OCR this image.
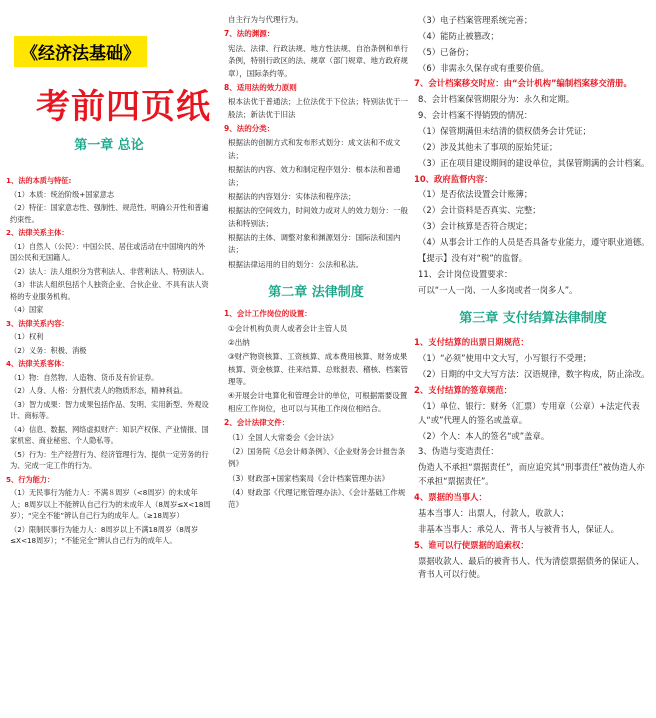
《经济法基础》
考前四页纸
第一章 总论
1、法的本质与特征:
（1）本质：统治阶级+国家意志
（2）特征：国家意志性、强制性、规范性、明确公开性和普遍约束性。
2、法律关系主体：
（1）自然人（公民）：中国公民、居住或活动在中国境内的外国公民和无国籍人。
（2）法人：法人组织分为营利法人、非营利法人、特别法人。
（3）非法人组织包括个人独资企业、合伙企业、不具有法人资格的专业服务机构。
（4）国家
3、法律关系内容：
（1）权利
（2）义务：积极、消极
4、法律关系客体：
（1）物：自然物、人造物、货币及有价证券。
（2）人身、人格：分割代表人的物质形态，精神利益。
（3）智力成果：智力成果包括作品、发明、实用新型、外观设计、商标等。
（4）信息、数据、网络虚拟财产：知识产权保、产业情报、国家机密、商业秘密、个人隐私等。
（5）行为：生产经营行为、经济管理行为、提供一定劳务的行为、完成一定工作的行为。
5、行为能力：
（1）无民事行为能力人：不满８周岁（<8周岁）的未成年人；8周岁以上不能辨认自己行为的未成年人（8周岁≤X<18周岁）；“完全不能”辨认自己行为的成年人。（≥18周岁）
（2）限制民事行为能力人：8周岁以上不满18周岁（8周岁≤X<18周岁）；“不能完全”辨认自己行为的成年人。
自主行为与代理行为。
7、法的渊源：
宪法、法律、行政法规、地方性法规、自治条例和单行条例，特别行政区的法、规章（部门规章、地方政府规章），国际条约等。
8、适用法的效力原则
根本法优于普通法；上位法优于下位法；特别法优于一般法；新法优于旧法
9、法的分类：
根据法的创制方式和发布形式划分：成文法和不成文法；
根据法的内容、效力和制定程序划分：根本法和普通法；
根据法的内容划分：实体法和程序法；
根据法的空间效力，时间效力或对人的效力划分：一般法和特别法；
根据法的主体、调整对象和渊源划分：国际法和国内法；
根据法律运用的目的划分：公法和私法。
第二章 法律制度
1、会计工作岗位的设置：
①会计机构负责人或者会计主管人员
②出纳
③财产物资核算、工资核算、成本费用核算、财务成果核算、资金核算、往来结算、总账报表、稽核、档案管理等。
④开展会计电算化和管理会计的单位，可根据需要设置相应工作岗位，也可以与其他工作岗位相结合。
2、会计法律文件：
（1）全国人大常委会《会计法》
（2）国务院《总会计师条例》、《企业财务会计报告条例》
（3）财政部+国家档案局《会计档案管理办法》
（4）财政部《代理记账管理办法》、《会计基础工作规范》
（3）电子档案管理系统完善；
（4）能防止被篡改；
（5）已备份；
（6）非需永久保存或有重要价值。
7、会计档案移交时应：由“会计机构”编制档案移交清册。
8、会计档案保管期限分为：永久和定期。
9、会计档案不得销毁的情况：
（1）保管期满但未结清的债权债务会计凭证；
（2）涉及其他未了事项的原始凭证；
（3）正在项目建设期间的建设单位，其保管期满的会计档案。
10、政府监督内容：
（1）是否依法设置会计账簿；
（2）会计资料是否真实、完整；
（3）会计核算是否符合规定；
（4）从事会计工作的人员是否具备专业能力，遵守职业道德。
【提示】没有对“税”的监督。
11、会计岗位设置要求：
可以“一人一岗、一人多岗或者一岗多人”。
第三章 支付结算法律制度
1、支付结算的出票日期规范：
（1）“必须”使用中文大写，小写银行不受理；
（2）日期的中文大写方法：汉语规律，数字构成，防止涂改。
2、支付结算的签章规范：
（1）单位、银行：财务（汇票）专用章（公章）+法定代表人“或”代理人的签名或盖章。
（2）个人：本人的签名“或”盖章。
3、伪造与变造责任：
伪造人不承担“票据责任”，而应追究其“刑事责任”被伪造人亦不承担“票据责任”。
4、票据的当事人：
基本当事人：出票人，付款人，收款人；
非基本当事人：承兑人、背书人与被背书人，保证人。
5、谁可以行使票据的追索权：
票据收款人、最后的被背书人、代为清偿票据债务的保证人、背书人可以行使。
